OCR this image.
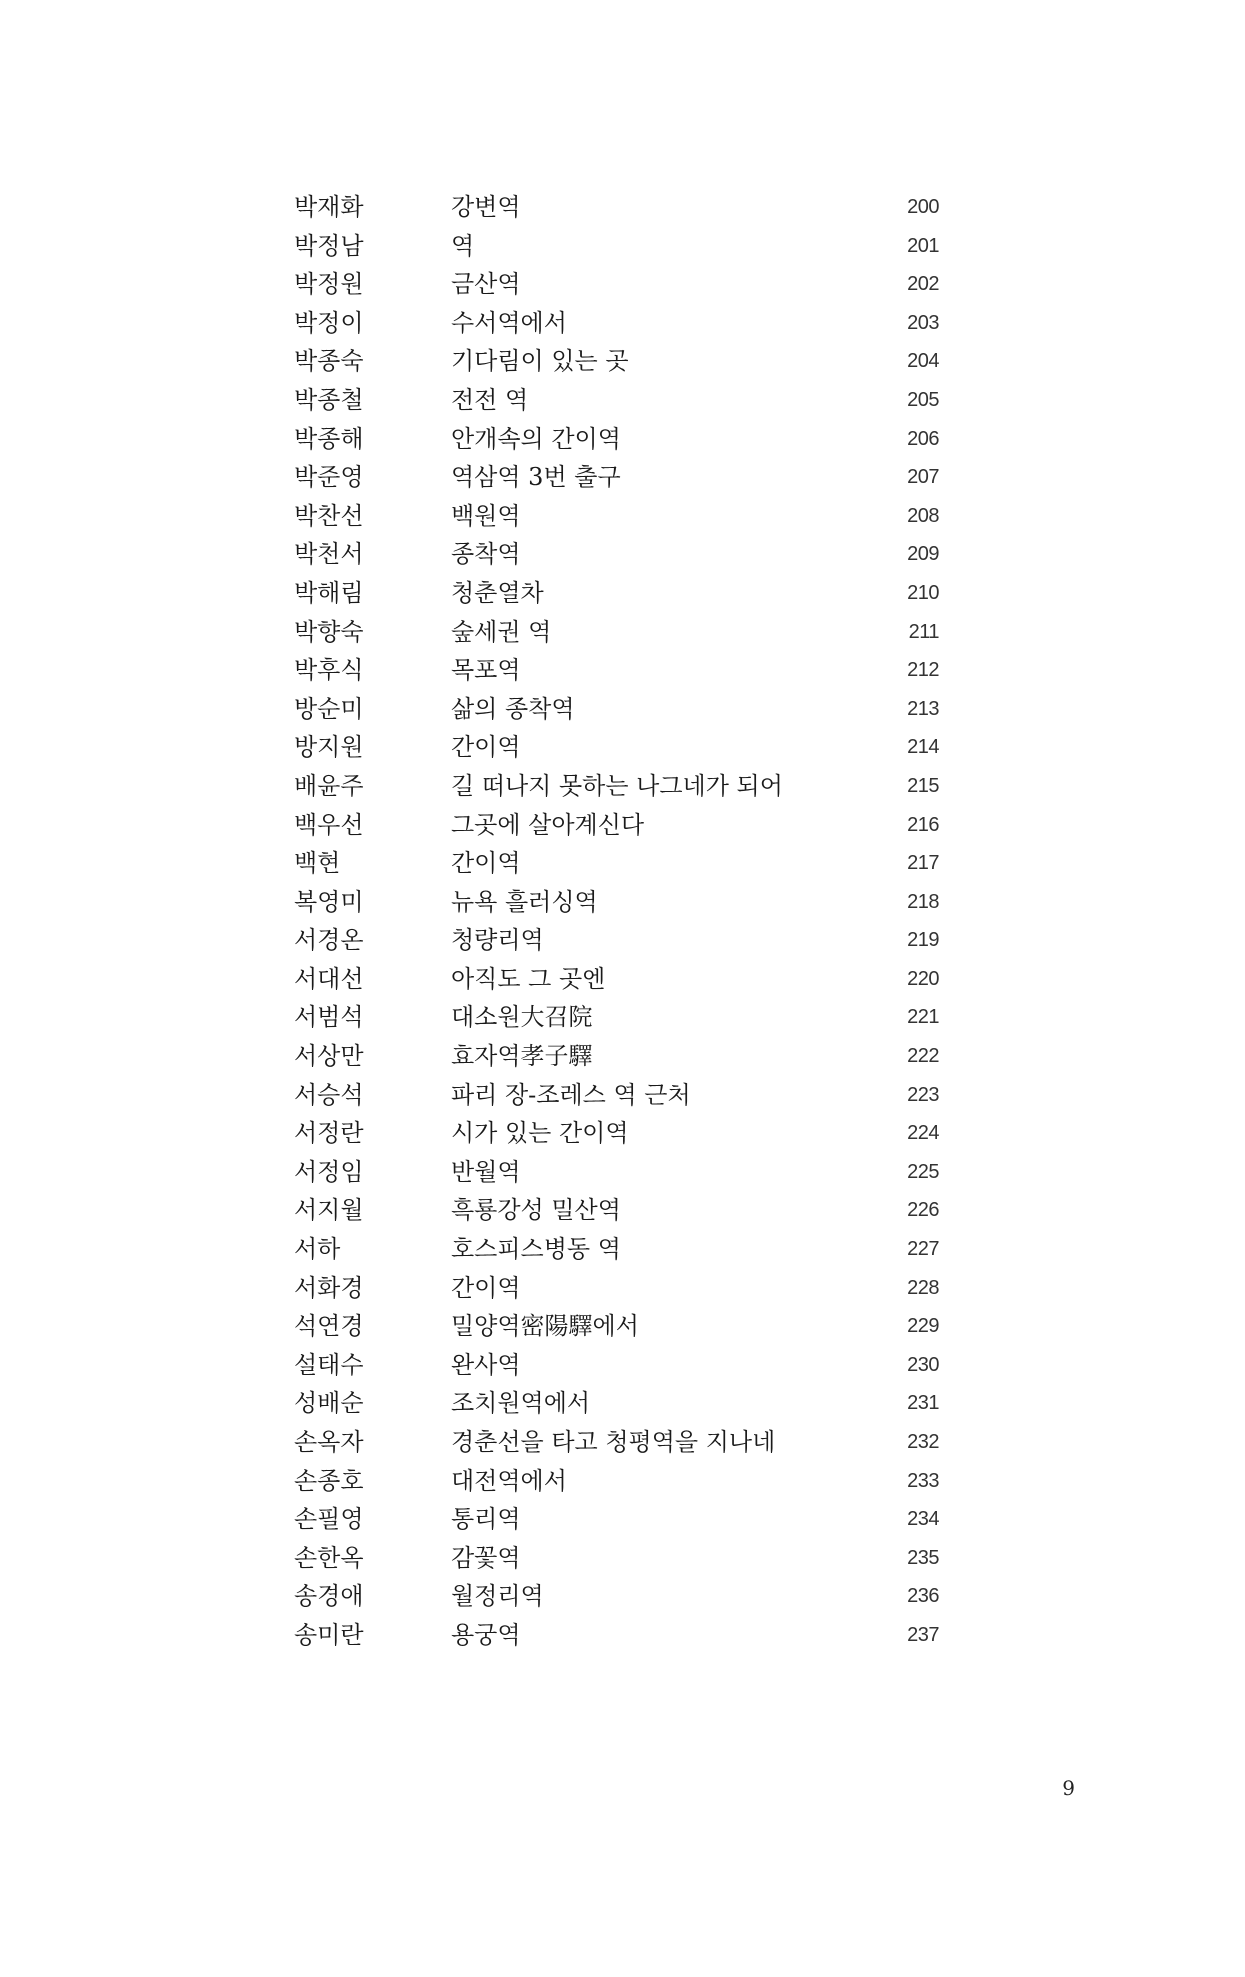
박재화	강변역	200
박정남	역	201
박정원	금산역	202
박정이	수서역에서	203
박종숙	기다림이 있는 곳	204
박종철	전전 역	205
박종해	안개속의 간이역	206
박준영	역삼역 3번 출구	207
박찬선	백원역	208
박천서	종착역	209
박해림	청춘열차	210
박향숙	숲세권 역	211
박후식	목포역	212
방순미	삶의 종착역	213
방지원	간이역	214
배윤주	길 떠나지 못하는 나그네가 되어	215
백우선	그곳에 살아계신다	216
백현	간이역	217
복영미	뉴욕 흘러싱역	218
서경온	청량리역	219
서대선	아직도 그 곳엔	220
서범석	대소원大召院	221
서상만	효자역孝子驛	222
서승석	파리 장-조레스 역 근처	223
서정란	시가 있는 간이역	224
서정임	반월역	225
서지월	흑룡강성 밀산역	226
서하	호스피스병동 역	227
서화경	간이역	228
석연경	밀양역密陽驛에서	229
설태수	완사역	230
성배순	조치원역에서	231
손옥자	경춘선을 타고 청평역을 지나네	232
손종호	대전역에서	233
손필영	통리역	234
손한옥	감꽃역	235
송경애	월정리역	236
송미란	용궁역	237
9
